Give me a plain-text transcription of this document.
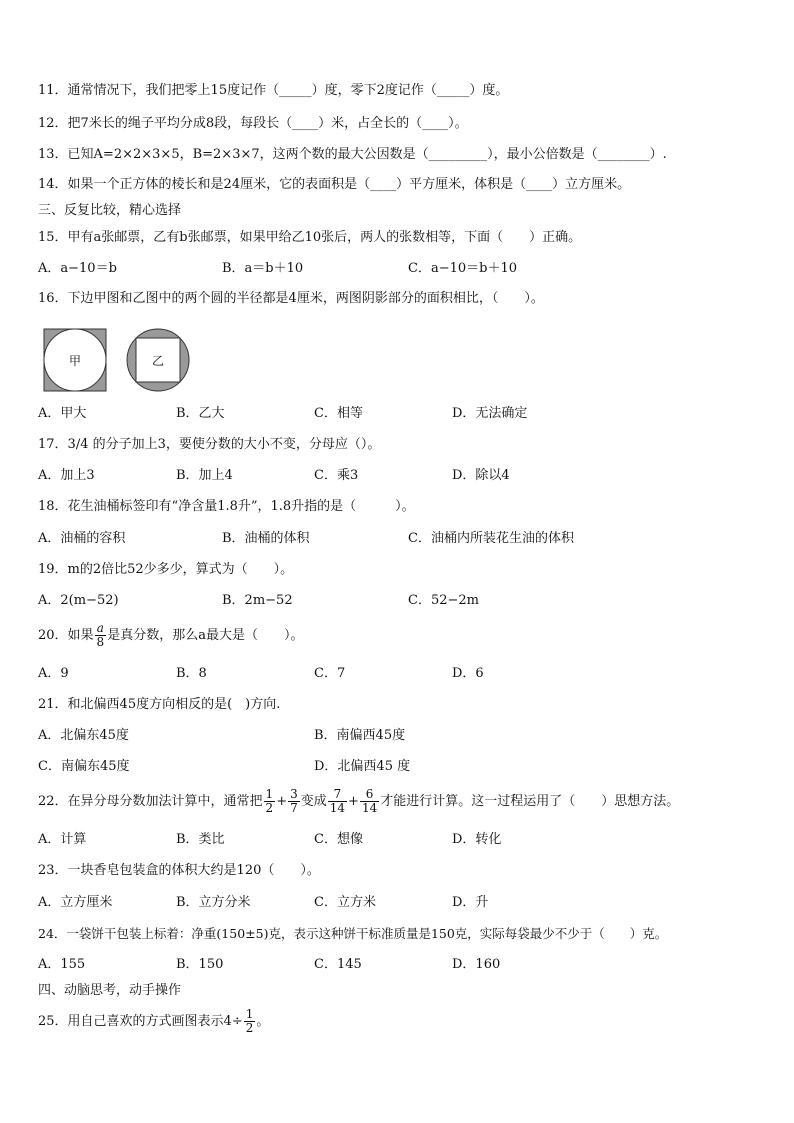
11．通常情况下，我们把零上15度记作（_____）度，零下2度记作（_____）度。
12．把7米长的绳子平均分成8段，每段长（____）米，占全长的（____）。
13．已知A=2×2×3×5，B=2×3×7，这两个数的最大公因数是（_________），最小公倍数是（________）.
14．如果一个正方体的棱长和是24厘米，它的表面积是（____）平方厘米，体积是（____）立方厘米。
三、反复比较，精心选择
15．甲有a张邮票，乙有b张邮票，如果甲给乙10张后，两人的张数相等，下面（　　）正确。
A．a−10＝b	B．a＝b＋10	C．a−10＝b＋10
16．下边甲图和乙图中的两个圆的半径都是4厘米，两图阴影部分的面积相比，（　　）。
甲	乙
A．甲大	B．乙大	C．相等	D．无法确定
17．3/4 的分子加上3，要使分数的大小不变，分母应（）。
A．加上3	B．加上4	C．乘3	D．除以4
18．花生油桶标签印有“净含量1.8升”，1.8升指的是（　　　）。
A．油桶的容积	B．油桶的体积	C．油桶内所装花生油的体积
19．m的2倍比52少多少，算式为（　　）。
A．2(m−52)	B．2m−52	C．52−2m
20．如果 $\frac{a}{8}$ 是真分数，那么a最大是（　　）。
A．9	B．8	C．7	D．6
21．和北偏西45度方向相反的是(　)方向.
A．北偏东45度	B．南偏西45度
C．南偏东45度	D．北偏西45 度
22．在异分母分数加法计算中，通常把 $\frac{1}{2} + \frac{3}{7}$ 变成 $\frac{7}{14} + \frac{6}{14}$ 才能进行计算。这一过程运用了（　　）思想方法。
A．计算	B．类比	C．想像	D．转化
23．一块香皂包装盒的体积大约是120（　　）。
A．立方厘米	B．立方分米	C．立方米	D．升
24．一袋饼干包装上标着：净重(150±5)克，表示这种饼干标准质量是150克，实际每袋最少不少于（　　）克。
A．155	B．150	C．145	D．160
四、动脑思考，动手操作
25．用自己喜欢的方式画图表示$4\div \frac{1}{2}$ 。
